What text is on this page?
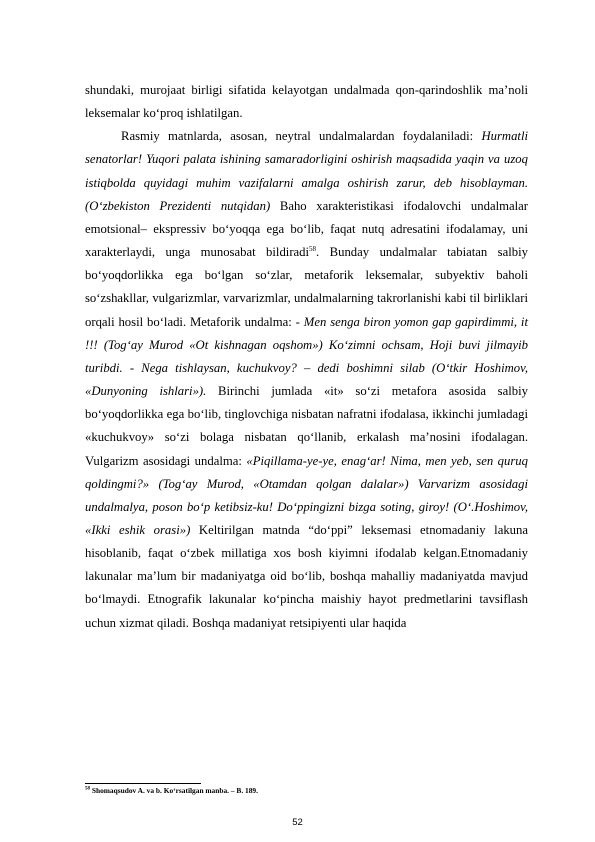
shundaki, murojaat birligi sifatida kelayotgan undalmada qon-qarindoshlik ma’noli leksemalar ko‘proq ishlatilgan.

Rasmiy matnlarda, asosan, neytral undalmalardan foydalaniladi: Hurmatli senatorlar! Yuqori palata ishining samaradorligini oshirish maqsadida yaqin va uzoq istiqbolda quyidagi muhim vazifalarni amalga oshirish zarur, deb hisoblayman. (O‘zbekiston Prezidenti nutqidan) Baho xarakteristikasi ifodalovchi undalmalar emotsional– ekspressiv bo‘yoqqa ega bo‘lib, faqat nutq adresatini ifodalamay, uni xarakterlaydi, unga munosabat bildiradi$^{58}$. Bunday undalmalar tabiatan salbiy bo‘yoqdorlikka ega bo‘lgan so‘zlar, metaforik leksemalar, subyektiv baholi so‘zshakllar, vulgarizmlar, varvarizmlar, undalmalarning takrorlanishi kabi til birliklari orqali hosil bo‘ladi. Metaforik undalma: - Men senga biron yomon gap gapirdimmi, it !!! (Tog‘ay Murod «Ot kishnagan oqshom») Ko‘zimni ochsam, Hoji buvi jilmayib turibdi. - Nega tishlaysan, kuchukvoy? – dedi boshimni silab (O‘tkir Hoshimov, «Dunyoning ishlari»). Birinchi jumlada «it» so‘zi metafora asosida salbiy bo‘yoqdorlikka ega bo‘lib, tinglovchiga nisbatan nafratni ifodalasa, ikkinchi jumladagi «kuchukvoy» so‘zi bolaga nisbatan qo‘llanib, erkalash ma’nosini ifodalagan. Vulgarizm asosidagi undalma: «Piqillama-ye-ye, enag‘ar! Nima, men yeb, sen quruq qoldingmi?» (Tog‘ay Murod, «Otamdan qolgan dalalar») Varvarizm asosidagi undalmalya, poson bo‘p ketibsiz-ku! Do‘ppingizni bizga soting, giroy! (O‘.Hoshimov, «Ikki eshik orasi») Keltirilgan matnda “do‘ppi” leksemasi etnomadaniy lakuna hisoblanib, faqat o‘zbek millatiga xos bosh kiyimni ifodalab kelgan.Etnomadaniy lakunalar ma’lum bir madaniyatga oid bo‘lib, boshqa mahalliy madaniyatda mavjud bo‘lmaydi. Etnografik lakunalar ko‘pincha maishiy hayot predmetlarini tavsiflash uchun xizmat qiladi. Boshqa madaniyat retsipiyenti ular haqida

$^{58}$ Shomaqsudov A. va b. Ko‘rsatilgan manba. – B. 189.
52
